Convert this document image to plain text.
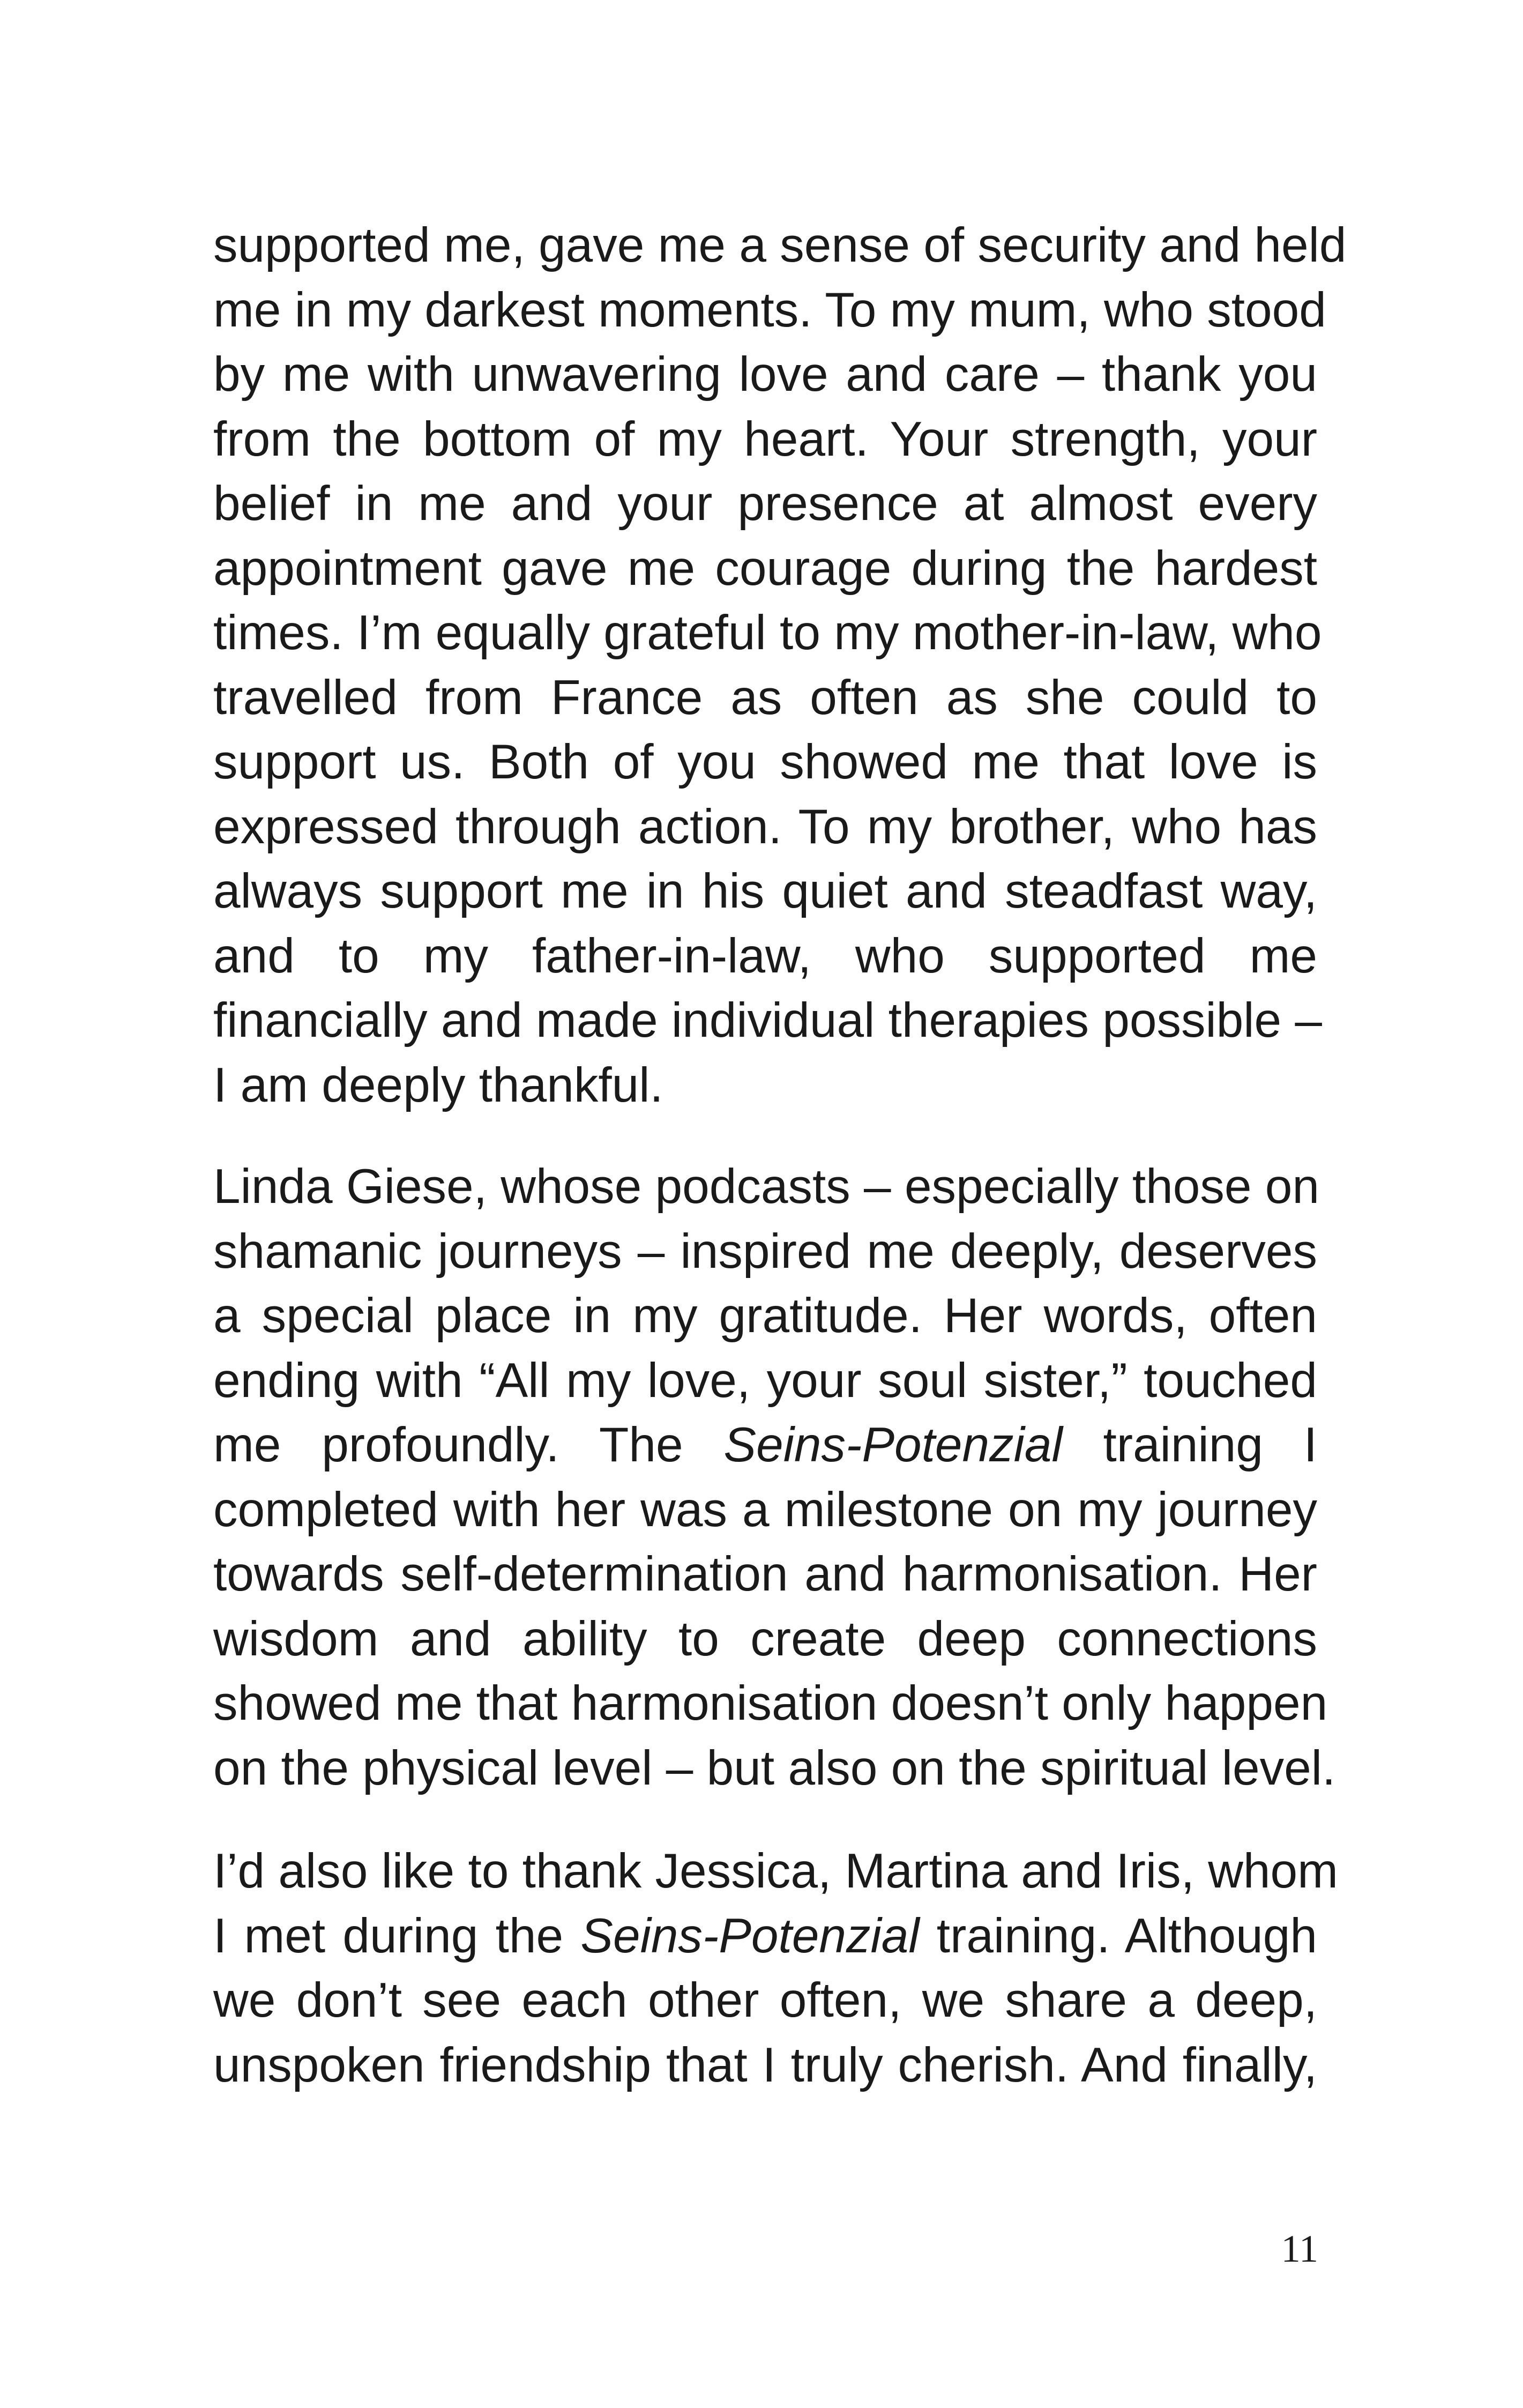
supported me, gave me a sense of security and held
me in my darkest moments. To my mum, who stood
by me with unwavering love and care – thank you
from the bottom of my heart. Your strength, your
belief in me and your presence at almost every
appointment gave me courage during the hardest
times. I’m equally grateful to my mother-in-law, who
travelled from France as often as she could to
support us. Both of you showed me that love is
expressed through action. To my brother, who has
always support me in his quiet and steadfast way,
and to my father-in-law, who supported me
financially and made individual therapies possible –
I am deeply thankful.
Linda Giese, whose podcasts – especially those on
shamanic journeys – inspired me deeply, deserves
a special place in my gratitude. Her words, often
ending with “All my love, your soul sister,” touched
me profoundly. The Seins-Potenzial training I
completed with her was a milestone on my journey
towards self-determination and harmonisation. Her
wisdom and ability to create deep connections
showed me that harmonisation doesn’t only happen
on the physical level – but also on the spiritual level.
I’d also like to thank Jessica, Martina and Iris, whom
I met during the Seins-Potenzial training. Although
we don’t see each other often, we share a deep,
unspoken friendship that I truly cherish. And finally,
11
